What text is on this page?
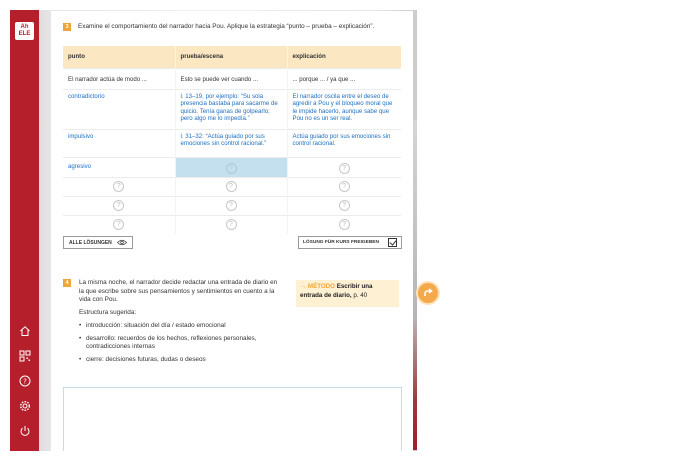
Ah
ELE
?
3	Examine el comportamiento del narrador hacia Pou. Aplique la estrategia “punto – prueba – explicación”.
punto	prueba/escena	explicación
El narrador actúa de modo ...	Esto se puede ver cuando ...	... porque ... / ya que ...
contradictorio	l. 13–19, por ejemplo: “Su sola presencia bastaba para sacarme de quicio. Tenía ganas de golpearlo; pero algo me lo impedía.”	El narrador oscila entre el deseo de agredir a Pou y el bloqueo moral que le impide hacerlo, aunque sabe que Pou no es un ser real.
impulsivo	l. 31–32: “Actúa guiado por sus emociones sin control racional.”	Actúa guiado por sus emociones sin control racional.
agresivo	?	?
?	?	?
?	?	?
?	?	?
ALLE LÖSUNGEN	LÖSUNG FÜR KURS FREIGEBEN
4	La misma noche, el narrador decide redactar una entrada de diario en la que escribe sobre sus pensamientos y sentimientos en cuento a la vida con Pou.
Estructura sugerida:
• introducción: situación del día / estado emocional
• desarrollo: recuerdos de los hechos, reflexiones personales, contradicciones internas
• cierre: decisiones futuras, dudas o deseos
→ MÉTODO Escribir una entrada de diario, p. 40
